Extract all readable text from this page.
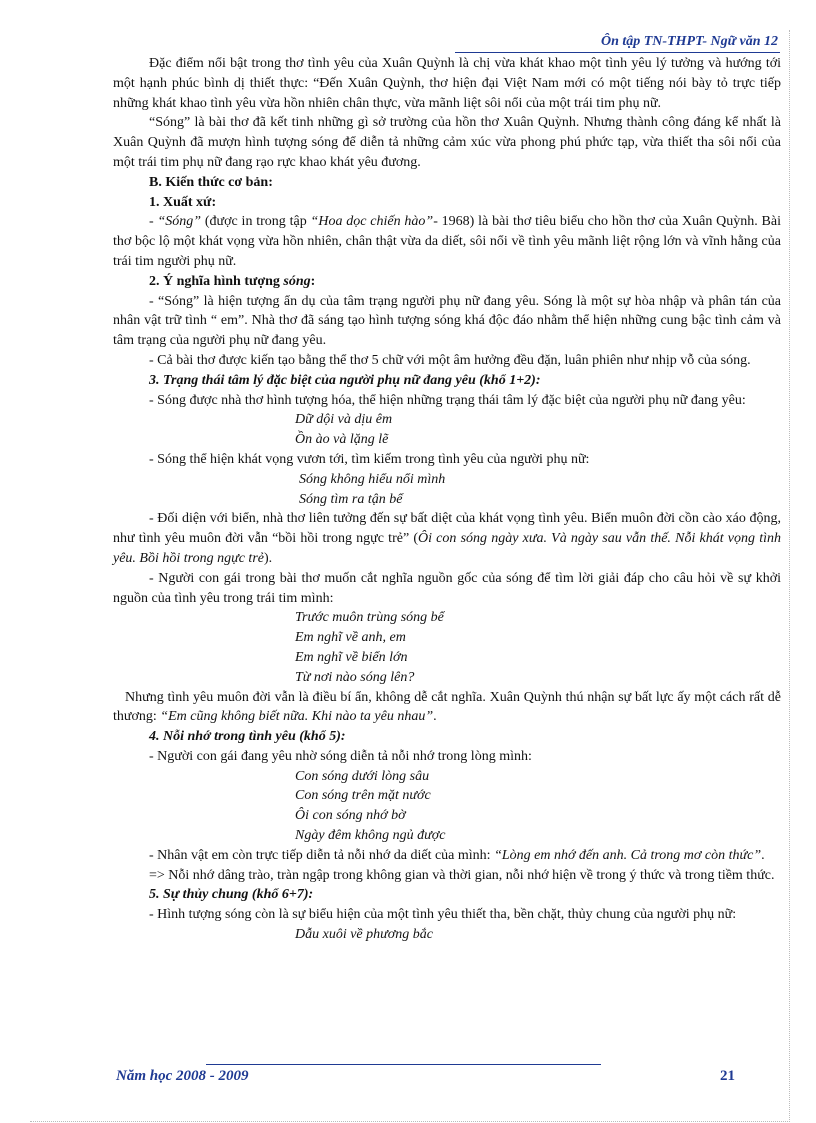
Ôn tập TN-THPT- Ngữ văn 12

Đặc điểm nổi bật trong thơ tình yêu của Xuân Quỳnh là chị vừa khát khao một tình yêu lý tưởng và hướng tới một hạnh phúc bình dị thiết thực: “Đến Xuân Quỳnh, thơ hiện đại Việt Nam mới có một tiếng nói bày tỏ trực tiếp những khát khao tình yêu vừa hồn nhiên chân thực, vừa mãnh liệt sôi nổi của một trái tim phụ nữ.

“Sóng” là bài thơ đã kết tinh những gì sở trường của hồn thơ Xuân Quỳnh. Nhưng thành công đáng kể nhất là Xuân Quỳnh đã mượn hình tượng sóng để diễn tả những cảm xúc vừa phong phú phức tạp, vừa thiết tha sôi nổi của một trái tim phụ nữ đang rạo rực khao khát yêu đương.

B. Kiến thức cơ bản:

1. Xuất xứ:

- “Sóng” (được in trong tập “Hoa dọc chiến hào”- 1968) là bài thơ tiêu biểu cho hồn thơ của Xuân Quỳnh. Bài thơ bộc lộ một khát vọng vừa hồn nhiên, chân thật vừa da diết, sôi nổi về tình yêu mãnh liệt rộng lớn và vĩnh hằng của trái tim người phụ nữ.

2. Ý nghĩa hình tượng sóng:

- “Sóng” là hiện tượng ẩn dụ của tâm trạng người phụ nữ đang yêu. Sóng là một sự hòa nhập và phân tán của nhân vật trữ tình “ em”. Nhà thơ đã sáng tạo hình tượng sóng khá độc đáo nhằm thể hiện những cung bậc tình cảm và tâm trạng của người phụ nữ đang yêu.

- Cả bài thơ được kiến tạo bằng thể thơ 5 chữ với một âm hưởng đều đặn, luân phiên như nhịp vỗ của sóng.

3. Trạng thái tâm lý đặc biệt của người phụ nữ đang yêu (khổ 1+2):

- Sóng được nhà thơ hình tượng hóa, thể hiện những trạng thái tâm lý đặc biệt của người phụ nữ đang yêu:

Dữ dội và dịu êm

Ồn ào và lặng lẽ

- Sóng thể hiện khát vọng vươn tới, tìm kiếm trong tình yêu của người phụ nữ:

Sóng không hiểu nổi mình

Sóng tìm ra tận bể

- Đối diện với biển, nhà thơ liên tưởng đến sự bất diệt của khát vọng tình yêu. Biển muôn đời cồn cào xáo động, như tình yêu muôn đời vẫn “bồi hồi trong ngực trẻ” (Ôi con sóng ngày xưa. Và ngày sau vẫn thế. Nỗi khát vọng tình yêu. Bồi hồi trong ngực trẻ).

- Người con gái trong bài thơ muốn cắt nghĩa nguồn gốc của sóng để tìm lời giải đáp cho câu hỏi về sự khởi nguồn của tình yêu trong trái tim mình:

Trước muôn trùng sóng bể

Em nghĩ về anh, em

Em nghĩ về biển lớn

Từ nơi nào sóng lên?

Nhưng tình yêu muôn đời vẫn là điều bí ẩn, không dễ cắt nghĩa. Xuân Quỳnh thú nhận sự bất lực ấy một cách rất dễ thương: “Em cũng không biết nữa. Khi nào ta yêu nhau”.

4. Nỗi nhớ trong tình yêu (khổ 5):

- Người con gái đang yêu nhờ sóng diễn tả nỗi nhớ trong lòng mình:

Con sóng dưới lòng sâu

Con sóng trên mặt nước

Ôi con sóng nhớ bờ

Ngày đêm không ngủ được

- Nhân vật em còn trực tiếp diễn tả nỗi nhớ da diết của mình: “Lòng em nhớ đến anh. Cả trong mơ còn thức”.

=> Nỗi nhớ dâng trào, tràn ngập trong không gian và thời gian, nỗi nhớ hiện về trong ý thức và trong tiềm thức.

5. Sự thủy chung (khổ 6+7):

- Hình tượng sóng còn là sự biểu hiện của một tình yêu thiết tha, bền chặt, thủy chung của người phụ nữ:

Dẫu xuôi về phương bắc

Năm học 2008 - 2009	21
